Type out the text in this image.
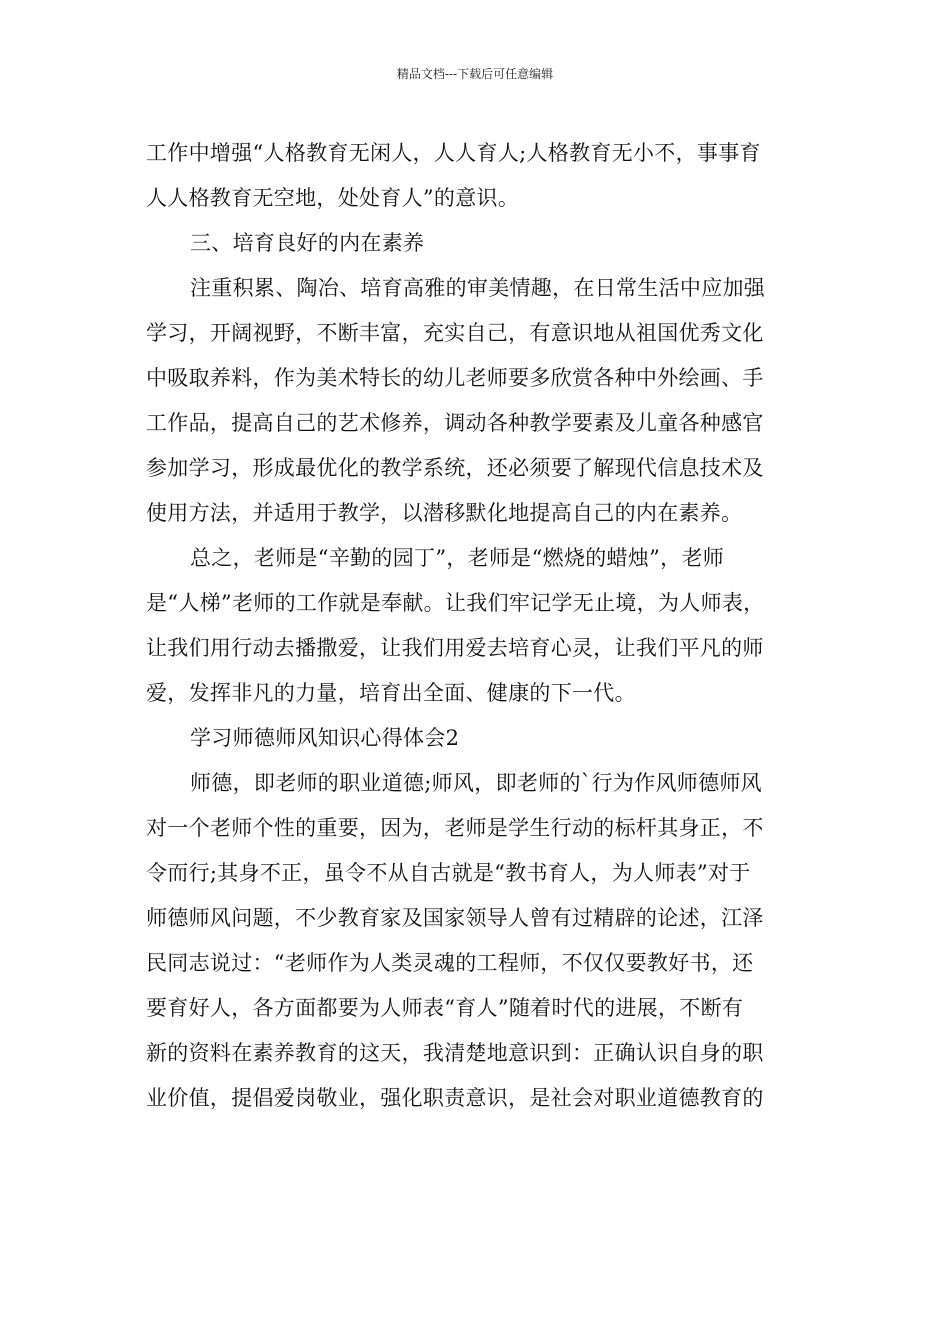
精品文档---下载后可任意编辑
工作中增强“人格教育无闲人，人人育人;人格教育无小不，事事育
人人格教育无空地，处处育人”的意识。
三、培育良好的内在素养
注重积累、陶冶、培育高雅的审美情趣，在日常生活中应加强
学习，开阔视野，不断丰富，充实自己，有意识地从祖国优秀文化
中吸取养料，作为美术特长的幼儿老师要多欣赏各种中外绘画、手
工作品，提高自己的艺术修养，调动各种教学要素及儿童各种感官
参加学习，形成最优化的教学系统，还必须要了解现代信息技术及
使用方法，并适用于教学，以潜移默化地提高自己的内在素养。
总之，老师是“辛勤的园丁”，老师是“燃烧的蜡烛”，老师
是“人梯”老师的工作就是奉献。让我们牢记学无止境，为人师表，
让我们用行动去播撒爱，让我们用爱去培育心灵，让我们平凡的师
爱，发挥非凡的力量，培育出全面、健康的下一代。
学习师德师风知识心得体会2
师德，即老师的职业道德;师风，即老师的`行为作风师德师风
对一个老师个性的重要，因为，老师是学生行动的标杆其身正，不
令而行;其身不正，虽令不从自古就是“教书育人，为人师表”对于
师德师风问题，不少教育家及国家领导人曾有过精辟的论述，江泽
民同志说过：“老师作为人类灵魂的工程师，不仅仅要教好书，还
要育好人，各方面都要为人师表“育人”随着时代的进展，不断有
新的资料在素养教育的这天，我清楚地意识到：正确认识自身的职
业价值，提倡爱岗敬业，强化职责意识，是社会对职业道德教育的
